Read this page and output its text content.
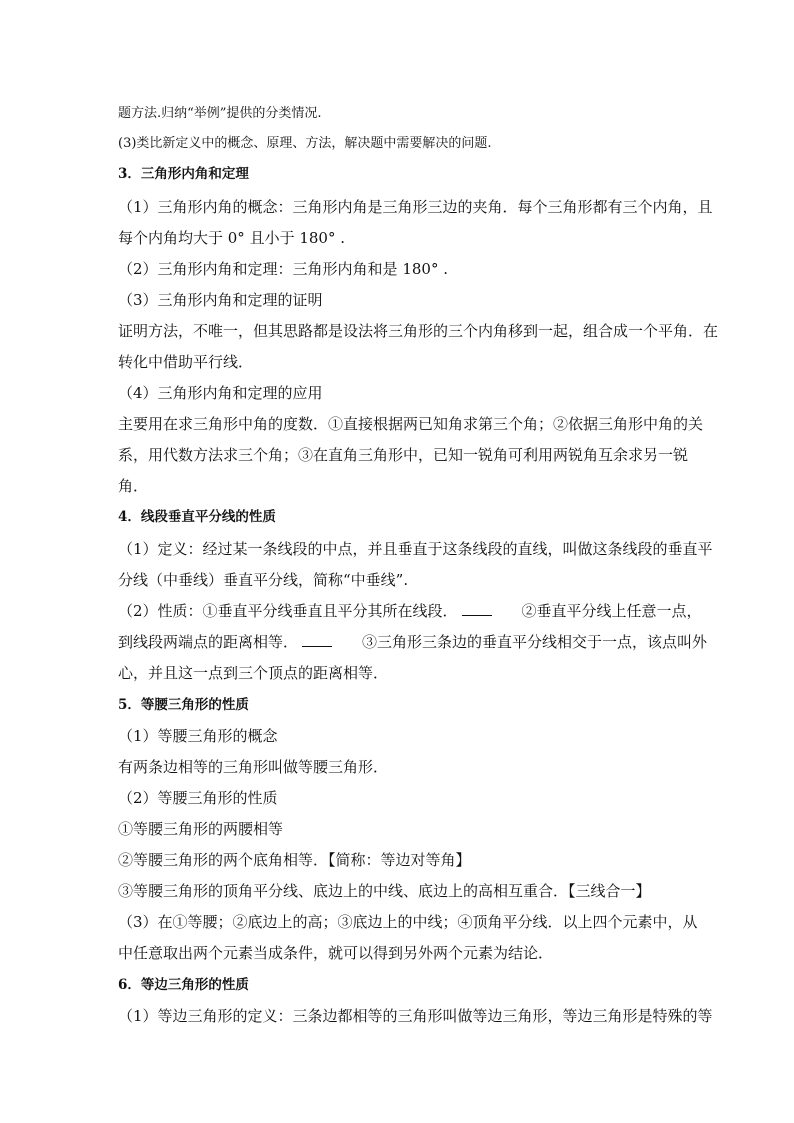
题方法.归纳“举例”提供的分类情况.
(3)类比新定义中的概念、原理、方法，解决题中需要解决的问题.
3．三角形内角和定理
（1）三角形内角的概念：三角形内角是三角形三边的夹角．每个三角形都有三个内角，且
每个内角均大于 0° 且小于 180° .
（2）三角形内角和定理：三角形内角和是 180° .
（3）三角形内角和定理的证明
证明方法，不唯一，但其思路都是设法将三角形的三个内角移到一起，组合成一个平角．在
转化中借助平行线．
（4）三角形内角和定理的应用
主要用在求三角形中角的度数．①直接根据两已知角求第三个角；②依据三角形中角的关
系，用代数方法求三个角；③在直角三角形中，已知一锐角可利用两锐角互余求另一锐
角．
4．线段垂直平分线的性质
（1）定义：经过某一条线段的中点，并且垂直于这条线段的直线，叫做这条线段的垂直平
分线（中垂线）垂直平分线，简称“中垂线”.
（2）性质：①垂直平分线垂直且平分其所在线段．	②垂直平分线上任意一点，
到线段两端点的距离相等．	③三角形三条边的垂直平分线相交于一点，该点叫外
心，并且这一点到三个顶点的距离相等．
5．等腰三角形的性质
（1）等腰三角形的概念
有两条边相等的三角形叫做等腰三角形．
（2）等腰三角形的性质
①等腰三角形的两腰相等
②等腰三角形的两个底角相等．【简称：等边对等角】
③等腰三角形的顶角平分线、底边上的中线、底边上的高相互重合．【三线合一】
（3）在①等腰；②底边上的高；③底边上的中线；④顶角平分线．以上四个元素中，从
中任意取出两个元素当成条件，就可以得到另外两个元素为结论．
6．等边三角形的性质
（1）等边三角形的定义：三条边都相等的三角形叫做等边三角形，等边三角形是特殊的等
